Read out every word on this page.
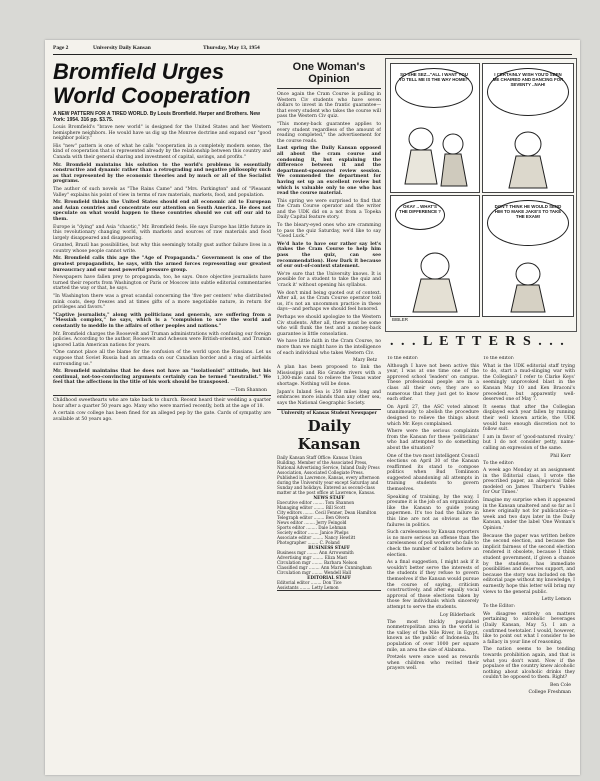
Page 2	University Daily Kansan	Thursday, May 13, 1954

Bromfield Urges

World Cooperation

A NEW PATTERN FOR A TIRED WORLD. By Louis Bromfield. Harper and Brothers. New York: 1954. 316 pp. $3.75.

Louis Bromfield's "brave new world" is designed for the United States and her Western hemisphere neighbors. He would have us dig up the Monroe doctrine and expand our "good neighbor policy."

His "new" pattern is one of what he calls "cooperation in a completely modern sense, the kind of cooperation that is represented already by the relationship between this country and Canada with their general sharing and investment of capital, savings, and profits."

Mr. Bromfield maintains his solution to the world's problems is essentially constructive and dynamic rather than a retrograding and negative philosophy such as that represented by the economic theories and by much or all of the Socialist programs.

The author of such novels as "The Rains Came" and "Mrs. Parkington" and of "Pleasant Valley" explains his point of view in terms of raw materials, markets, food, and population.

Mr. Bromfield thinks the United States should end all economic aid to European and Asian countries and concentrate our attention on South America. He does not speculate on what would happen to these countries should we cut off our aid to them.

Europe is "dying" and Asia "chaotic," Mr. Bromfield feels. He says Europe has little future in this revolutionary changing world, with markets and sources of raw materials and food largely disappeared and disappearing.

Granted, Brazil has possibilities, but why this seemingly totally gust author failure lives in a country whose people cannot write.

Mr. Bromfield calls this age the "Age of Propaganda." Government is one of the greatest propagandists, he says, with the armed forces representing our greatest bureaucracy and our most powerful pressure group.

Newspapers have fallen prey to propaganda, too, he says. Once objective journalists have turned their reports from Washington or Paris or Moscow into subtle editorial commentaries started the way or that, he says.

"In Washington there was a great scandal concerning the 'five per centers' who distributed mink coats, deep freezes and at times gifts of a more negotiable nature, in return for privileges and favors."

"Captive journalists," along with politicians and generals, are suffering from a "Messiah complex," he says, which is a "compulsion to save the world and constantly to meddle in the affairs of other peoples and nations."

Mr. Bromfield charges the Roosevelt and Truman administrations with confusing our foreign policies. According to the author, Roosevelt and Acheson were British-oriented, and Truman ignored Latin American nations for years.

"One cannot place all the blame for the confusion of the world upon the Russians. Let us suppose that Soviet Russia had an armada on our Canadian border and a ring of airfields surrounding us."

Mr. Bromfield maintains that he does not have an "isolationist" attitude, but his continual, not-too-convincing arguments certainly can be termed "neutralist." We feel that the affections in the title of his work should be transposed.

—Tom Shannon

Childhood sweethearts who are take back to church. Recent heard their wedding a quarter hour after a quarter 50 years ago. Many who were married recently, both at the age of 18.

A certain cow college has been fined for an alleged pep by the gate. Cards of sympathy are available at 50 years ago.

SO SHE SEZ..."ALL I WANT YOU TO TELL ME IS THE WAY HOME!"
I CERTAINLY WISH YOU'D SEEN ME CHAIRED AND DANCING FOR SEVENTY ..NAH!
OKAY .. WHAT'S THE DIFFERENCE ?
DON'T THINK HE WOULD SEND HIM TO MAKE JAKE'S TO TAKE THE EXAM!
BIBLER
One Woman's
Opinion

Once again the Cram Course is pulling in Western Civ students who have seven dollars to invest in the frantic guarantee—that every student who takes the course will pass the Western Civ quiz.

"This money-back guarantee applies to every student regardless of the amount of reading completed," the advertisement for the course reads.

Last spring the Daily Kansan opposed all about the cram course and condoning it, but explaining the difference between it and the department-sponsored review session. We commended the department for having set up an excellent review but which is valuable only to one who has read the course material.

This spring we were surprised to find that the Cram Course operator and the writer and the UDK did on a not from a Topeka Daily Capital feature story.

To the bleary-eyed ones who are cramming to pass the quiz Saturday, we'd like to say "Good Luck."

We'd hate to have our rather say let's (takes the Cram Course to help him pass the quiz, can see recommendation). How Dark it because of our out-of-context statement.

We're sure that the University knows. It is possible for a student to take the quiz and 'crack it' without opening his syllabus.

We don't mind being quoted out of context. After all, as the Cram Course operator told us, it's not an uncommon practice in these days—and perhaps we should feel honored.

Perhaps we should apologize to the Western Civ students. After all, there must be some who will flunk the test and a money-back guarantee is little consolation.

We have little faith in the Cram Course, no more than we might have in the intelligence of each individual who takes Western Civ.

Mary Betz

A plan has been proposed to link the Mississippi and Rio Grande rivers with a 1,300-mile canal to relieve the Texas water shortage. Nothing will be done.

Japan's Inland Sea is 250 miles long and embraces more islands than any other sea, says the National Geographic Society.

University of Kansas Student Newspaper
Daily Kansan

Daily Kansan Staff Office: Kansas Union Building. Member of the Associated Press, National Advertising Service, Inland Daily Press Association, Associated Collegiate Press. Published in Lawrence, Kansas, every afternoon during the University year except Saturday and Sunday and holidays. Entered as second-class matter at the post office at Lawrence, Kansas.

NEWS STAFF

Executive editor ........ Tom Shannon

Managing editor ........ Bill Scott

City editors ........ Cecil Fenner, Dean Hamilton

Telegraph editor ........ Ben Olvera

News editor ........ Jerry Feingold

Sports editor ........ Dale Lehman

Society editor ........ Janice Phelps

Associate editor ........ Nancy Hewlitt

Photographer ........ C. Poland

BUSINESS STAFF

Business mgr ........ Ann Arrowsmith

Advertising mgr ........ Eliza Mast

Circulation mgr ........ Barbara Nelson

Classified mgr ........ Ann Marie Cunningham

Circulation mgr ........ Wendell Hall

EDITORIAL STAFF

Editorial editor ........ Don Tice

Assistants ........ Letty Lemon

. . . L E T T E R S . . .

To the editor:

Although I have not been active this year, I was at one time one of the approved school 'leaders' on campus. These professional people are in a class all their own; they are so numerous that they just get to know each other.

On April 27, the ASC voted almost unanimously to abolish the procedure designed to relieve the things about which Mr. Keys complained.

Where were the serious complaints from the Kansan for these 'politicians' who had attempted to do something about the situation?

One of the two most intelligent Council elections on April 30 of the Kansan reaffirmed its stand to compose politics when Bud Tomlinson suggested abandoning all attempts in training students to govern themselves.

Speaking of training, by the way, I presume it is the job of an organization like the Kansan to guide young papermen. It's too bad the failure in this line are not as obvious as the failures in politics.

Such carelessness by Kansan reporters is no more serious an offense than the carelessness of poll worker who fails to check the number of ballots before an election.

As a final suggestion, I might ask if it wouldn't better serve the interests of the students if they refuse to govern themselves if the Kansan would pursue the course of saying, criticism constructively, and after equally vocal approval of those elections taken by those few individuals which sincerely attempt to serve the students.

Loy Bilderback

The most thickly populated nonmetropolitan area in the world is the valley of the Nile River, in Egypt, known as the public of Indonesia. Its population of over 1000 per square mile, an area the size of Alabama.

Pretzels were once used as rewards when children who recited their prayers well.

To the editor:

What is the UDK editorial staff trying to do, start a mud-slinging war with the Collegian? I refer to Clarke Keys' seemingly unprovoked blast in the Kansan May 10 and Ken Braconi's precedent, but apparently well-deserved one of May 7.

It seems that after the Collegian displayed each year fallen by running their well known article, the UDK would have enough discretion not to follow suit.

I am in favor of 'good-natured rivalry,' but I do not consider petty, name-calling an expression of the same.

Phil Kerr

To the editor:

A week ago Monday at an assignment in the Editorial class, I wrote the prescribed paper, an allegorical fable modeled on James Thurber's 'Fables for Our Times.'

Imagine my surprise when it appeared in the Kansan unaltered and so far as I knew originally not for publication—a week and two days later in the Daily Kansan, under the label 'One Woman's Opinion.'

Because the paper was written before the second election, and because the implicit fairness of the second election rendered it obsolete, because I think student government, if given a chance by the students, has immediate possibilities and deserves support, and because the story was included on the editorial page without my knowledge, I earnestly hope this letter will bring my views to the general public.

Letty Lemon

To the Editor:

We disagree entirely on matters pertaining to alcoholic beverages (Daily Kansan, May 5). I am a confirmed teetotaler. I would, however, like to point out what I consider to be a fallacy in your line of reasoning.

The nation seems to be tending towards prohibition again, and that is what you don't want. Now if the populace of the country knew alcoholic nothing about alcoholic drinks they couldn't be opposed to them. Right?

Ben Cole

College Freshman
